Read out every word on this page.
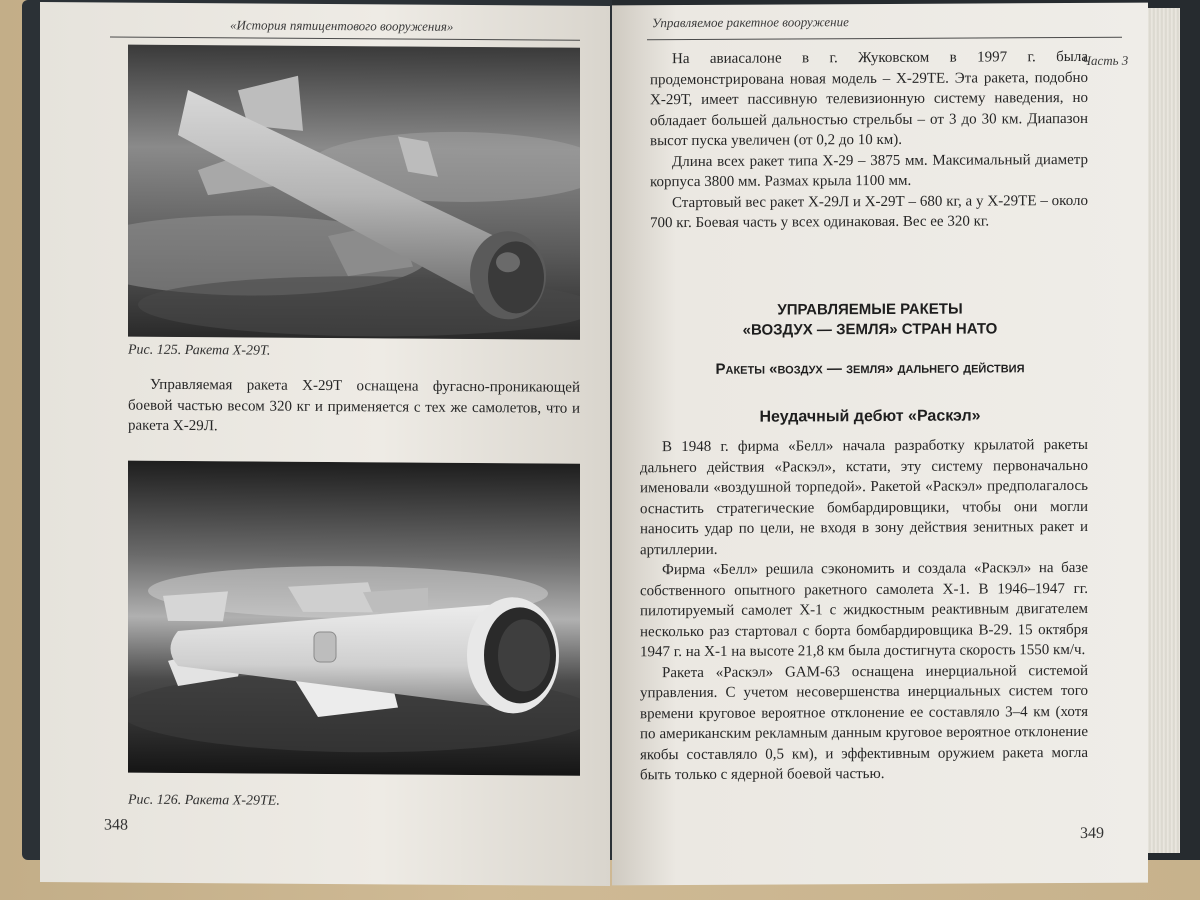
«История пятицентового вооружения»
Рис. 125. Ракета Х-29Т.

Управляемая ракета Х-29Т оснащена фугасно-проникающей боевой частью весом 320 кг и применяется с тех же самолетов, что и ракета Х-29Л.

Рис. 126. Ракета Х-29ТЕ.
348
Управляемое ракетное вооружение
Часть 3

На авиасалоне в г. Жуковском в 1997 г. была продемонстрирована новая модель – Х-29ТЕ. Эта ракета, подобно Х-29Т, имеет пассивную телевизионную систему наведения, но обладает большей дальностью стрельбы – от 3 до 30 км. Диапазон высот пуска увеличен (от 0,2 до 10 км).

Длина всех ракет типа Х-29 – 3875 мм. Максимальный диаметр корпуса 3800 мм. Размах крыла 1100 мм.

Стартовый вес ракет Х-29Л и Х-29Т – 680 кг, а у Х-29ТЕ – около 700 кг. Боевая часть у всех одинаковая. Вес ее 320 кг.

УПРАВЛЯЕМЫЕ РАКЕТЫ
«ВОЗДУХ — ЗЕМЛЯ» СТРАН НАТО
Ракеты «воздух — земля» дальнего действия
Неудачный дебют «Раскэл»

В 1948 г. фирма «Белл» начала разработку крылатой ракеты дальнего действия «Раскэл», кстати, эту систему первоначально именовали «воздушной торпедой». Ракетой «Раскэл» предполагалось оснастить стратегические бомбардировщики, чтобы они могли наносить удар по цели, не входя в зону действия зенитных ракет и артиллерии.

Фирма «Белл» решила сэкономить и создала «Раскэл» на базе собственного опытного ракетного самолета Х-1. В 1946–1947 гг. пилотируемый самолет Х-1 с жидкостным реактивным двигателем несколько раз стартовал с борта бомбардировщика В-29. 15 октября 1947 г. на Х-1 на высоте 21,8 км была достигнута скорость 1550 км/ч.

Ракета «Раскэл» GAM-63 оснащена инерциальной системой управления. С учетом несовершенства инерциальных систем того времени круговое вероятное отклонение ее составляло 3–4 км (хотя по американским рекламным данным круговое вероятное отклонение якобы составляло 0,5 км), и эффективным оружием ракета могла быть только с ядерной боевой частью.

349
